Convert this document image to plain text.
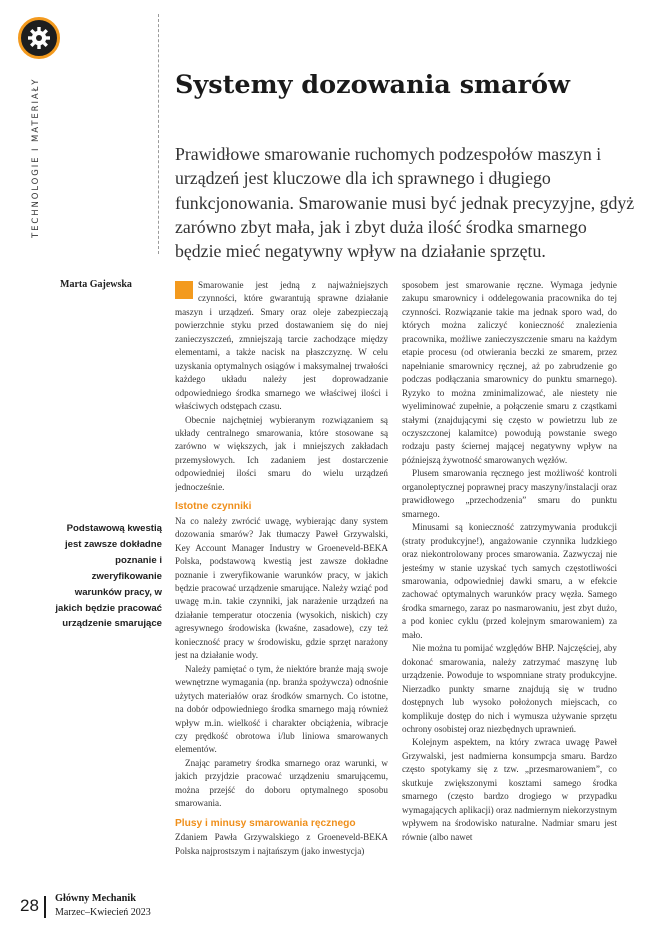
TECHNOLOGIE I MATERIAŁY	Systemy dozowania smarów

Prawidłowe smarowanie ruchomych podzespołów maszyn i urządzeń jest kluczowe dla ich sprawnego i długiego funkcjonowania. Smarowanie musi być jednak precyzyjne, gdyż zarówno zbyt mała, jak i zbyt duża ilość środka smarnego będzie mieć negatywny wpływ na działanie sprzętu.

Marta Gajewska

Podstawową kwestią jest zawsze dokładne poznanie i zweryfikowanie warunków pracy, w jakich będzie pracować urządzenie smarujące

Smarowanie jest jedną z najważniejszych czynności, które gwarantują sprawne działanie maszyn i urządzeń. Smary oraz oleje zabezpieczają powierzchnie styku przed dostawaniem się do niej zanieczyszczeń, zmniejszają tarcie zachodzące między elementami, a także nacisk na płaszczyznę. W celu uzyskania optymalnych osiągów i maksymalnej trwałości każdego układu należy jest doprowadzanie odpowiedniego środka smarnego we właściwej ilości i właściwych odstępach czasu.

Obecnie najchętniej wybieranym rozwiązaniem są układy centralnego smarowania, które stosowane są zarówno w większych, jak i mniejszych zakładach przemysłowych. Ich zadaniem jest dostarczenie odpowiedniej ilości smaru do wielu urządzeń jednocześnie.

Istotne czynniki

Na co należy zwrócić uwagę, wybierając dany system dozowania smarów? Jak tłumaczy Paweł Grzywalski, Key Account Manager Industry w Groeneveld-BEKA Polska, podstawową kwestią jest zawsze dokładne poznanie i zweryfikowanie warunków pracy, w jakich będzie pracować urządzenie smarujące. Należy wziąć pod uwagę m.in. takie czynniki, jak narażenie urządzeń na działanie temperatur otoczenia (wysokich, niskich) czy agresywnego środowiska (kwaśne, zasadowe), czy też konieczność pracy w środowisku, gdzie sprzęt narażony jest na działanie wody.

Należy pamiętać o tym, że niektóre branże mają swoje wewnętrzne wymagania (np. branża spożywcza) odnośnie użytych materiałów oraz środków smarnych. Co istotne, na dobór odpowiedniego środka smarnego mają również wpływ m.in. wielkość i charakter obciążenia, wibracje czy prędkość obrotowa i/lub liniowa smarowanych elementów.

Znając parametry środka smarnego oraz warunki, w jakich przyjdzie pracować urządzeniu smarującemu, można przejść do doboru optymalnego sposobu smarowania.

Plusy i minusy smarowania ręcznego

Zdaniem Pawła Grzywalskiego z Groeneveld-BEKA Polska najprostszym i najtańszym (jako inwestycja)

sposobem jest smarowanie ręczne. Wymaga jedynie zakupu smarownicy i oddelegowania pracownika do tej czynności. Rozwiązanie takie ma jednak sporo wad, do których można zaliczyć konieczność znalezienia pracownika, możliwe zanieczyszczenie smaru na każdym etapie procesu (od otwierania beczki ze smarem, przez napełnianie smarownicy ręcznej, aż po zabrudzenie go podczas podłączania smarownicy do punktu smarnego). Ryzyko to można zminimalizować, ale niestety nie wyeliminować zupełnie, a połączenie smaru z cząstkami stałymi (znajdującymi się często w powietrzu lub ze oczyszczonej kalamitce) powodują powstanie swego rodzaju pasty ściernej mającej negatywny wpływ na późniejszą żywotność smarowanych węzłów.

Plusem smarowania ręcznego jest możliwość kontroli organoleptycznej poprawnej pracy maszyny/instalacji oraz prawidłowego „przechodzenia” smaru do punktu smarnego.

Minusami są konieczność zatrzymywania produkcji (straty produkcyjne!), angażowanie czynnika ludzkiego oraz niekontrolowany proces smarowania. Zazwyczaj nie jesteśmy w stanie uzyskać tych samych częstotliwości smarowania, odpowiedniej dawki smaru, a w efekcie zachować optymalnych warunków pracy węzła. Samego środka smarnego, zaraz po nasmarowaniu, jest zbyt dużo, a pod koniec cyklu (przed kolejnym smarowaniem) za mało.

Nie można tu pomijać względów BHP. Najczęściej, aby dokonać smarowania, należy zatrzymać maszynę lub urządzenie. Powoduje to wspomniane straty produkcyjne. Nierzadko punkty smarne znajdują się w trudno dostępnych lub wysoko położonych miejscach, co komplikuje dostęp do nich i wymusza używanie sprzętu ochrony osobistej oraz niezbędnych uprawnień.

Kolejnym aspektem, na który zwraca uwagę Paweł Grzywalski, jest nadmierna konsumpcja smaru. Bardzo często spotykamy się z tzw. „przesmarowaniem”, co skutkuje zwiększonymi kosztami samego środka smarnego (często bardzo drogiego w przypadku wymagających aplikacji) oraz nadmiernym niekorzystnym wpływem na środowisko naturalne. Nadmiar smaru jest równie (albo nawet

28 Główny Mechanik

Marzec–Kwiecień 2023
